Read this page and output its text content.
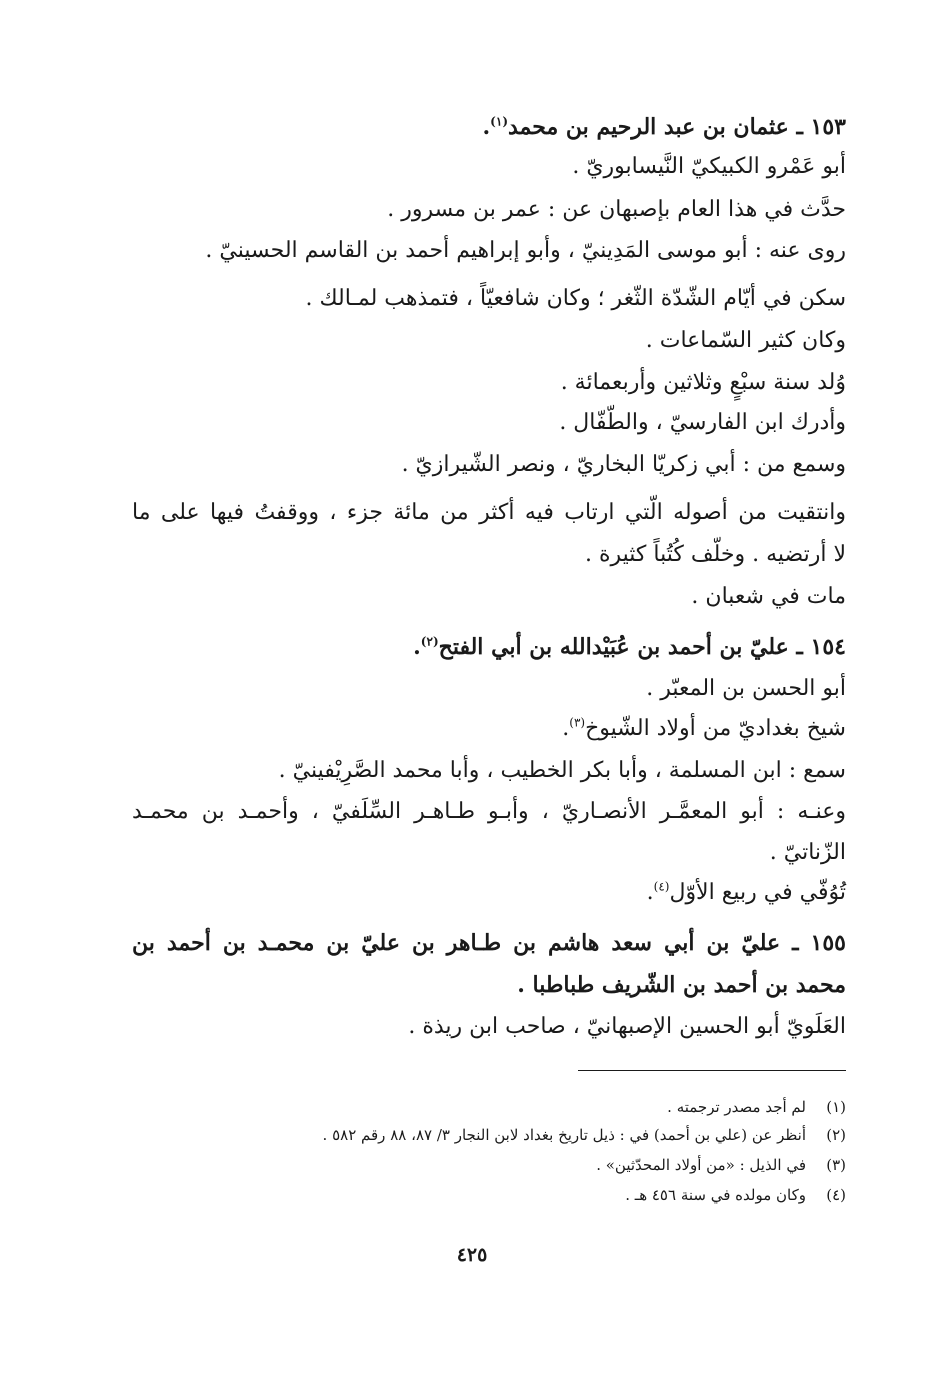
١٥٣ ـ عثمان بن عبد الرحيم بن محمد$^{(١)}$.
أبو عَمْرو الكبيكيّ النَّيسابوريّ .
حدَّث في هذا العام بإصبهان عن : عمر بن مسرور .
روى عنه : أبو موسى المَدِينيّ ، وأبو إبراهيم أحمد بن القاسم الحسينيّ .
سكن في أيّام الشّدّة الثّغر ؛ وكان شافعيّاً ، فتمذهب لمـالك .
وكان كثير السّماعات .
وُلد سنة سبْعٍ وثلاثين وأربعمائة .
وأدرك ابن الفارسيّ ، والطّفّال .
وسمع من : أبي زكريّا البخاريّ ، ونصر الشّيرازيّ .
وانتقيت من أصوله الّتي ارتاب فيه أكثر من مائة جزء ، ووقفتُ فيها على ما
لا أرتضيه . وخلّف كُتُباً كثيرة .
مات في شعبان .
١٥٤ ـ عليّ بن أحمد بن عُبَيْدالله بن أبي الفتح$^{(٢)}$.
أبو الحسن بن المعبّر .
شيخ بغداديّ من أولاد الشّيوخ$^{(٣)}$.
سمع : ابن المسلمة ، وأبا بكر الخطيب ، وأبا محمد الصَّرِيْفينيّ .
وعنـه : أبو المعمَّـر الأنصـاريّ ، وأبـو طـاهـر السِّلَفيّ ، وأحمـد بن محمـد
الزّناتيّ .
تُوُفّي في ربيع الأوّل$^{(٤)}$.
١٥٥ ـ عليّ بن أبي سعد هاشم بن طـاهر بن عليّ بن محمـد بن أحمد بن
محمد بن أحمد بن الشّريف طباطبا .
العَلَويّ أبو الحسين الإصبهانيّ ، صاحب ابن ريذة .
(١)لم أجد مصدر ترجمته .
(٢)أنظر عن (علي بن أحمد) في : ذيل تاريخ بغداد لابن النجار ٣/ ٨٧، ٨٨ رقم ٥٨٢ .
(٣)في الذيل : «من أولاد المحدّثين» .
(٤)وكان مولده في سنة ٤٥٦ هـ .
٤٢٥
